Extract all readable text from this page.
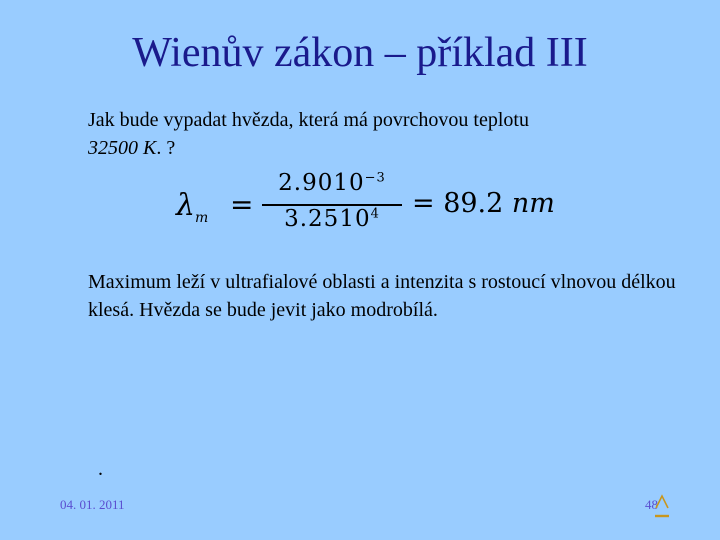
Wienův zákon – příklad III
Jak bude vypadat hvězda, která má povrchovou teplotu
32500 K. ?
$\lambda_m$ =
$2.9010^{-3}$
$3.2510^4$	= 89.2 nm
Maximum leží v ultrafialové oblasti a intenzita s rostoucí vlnovou délkou klesá. Hvězda se bude jevit jako modrobílá.
.
04. 01. 2011	48
